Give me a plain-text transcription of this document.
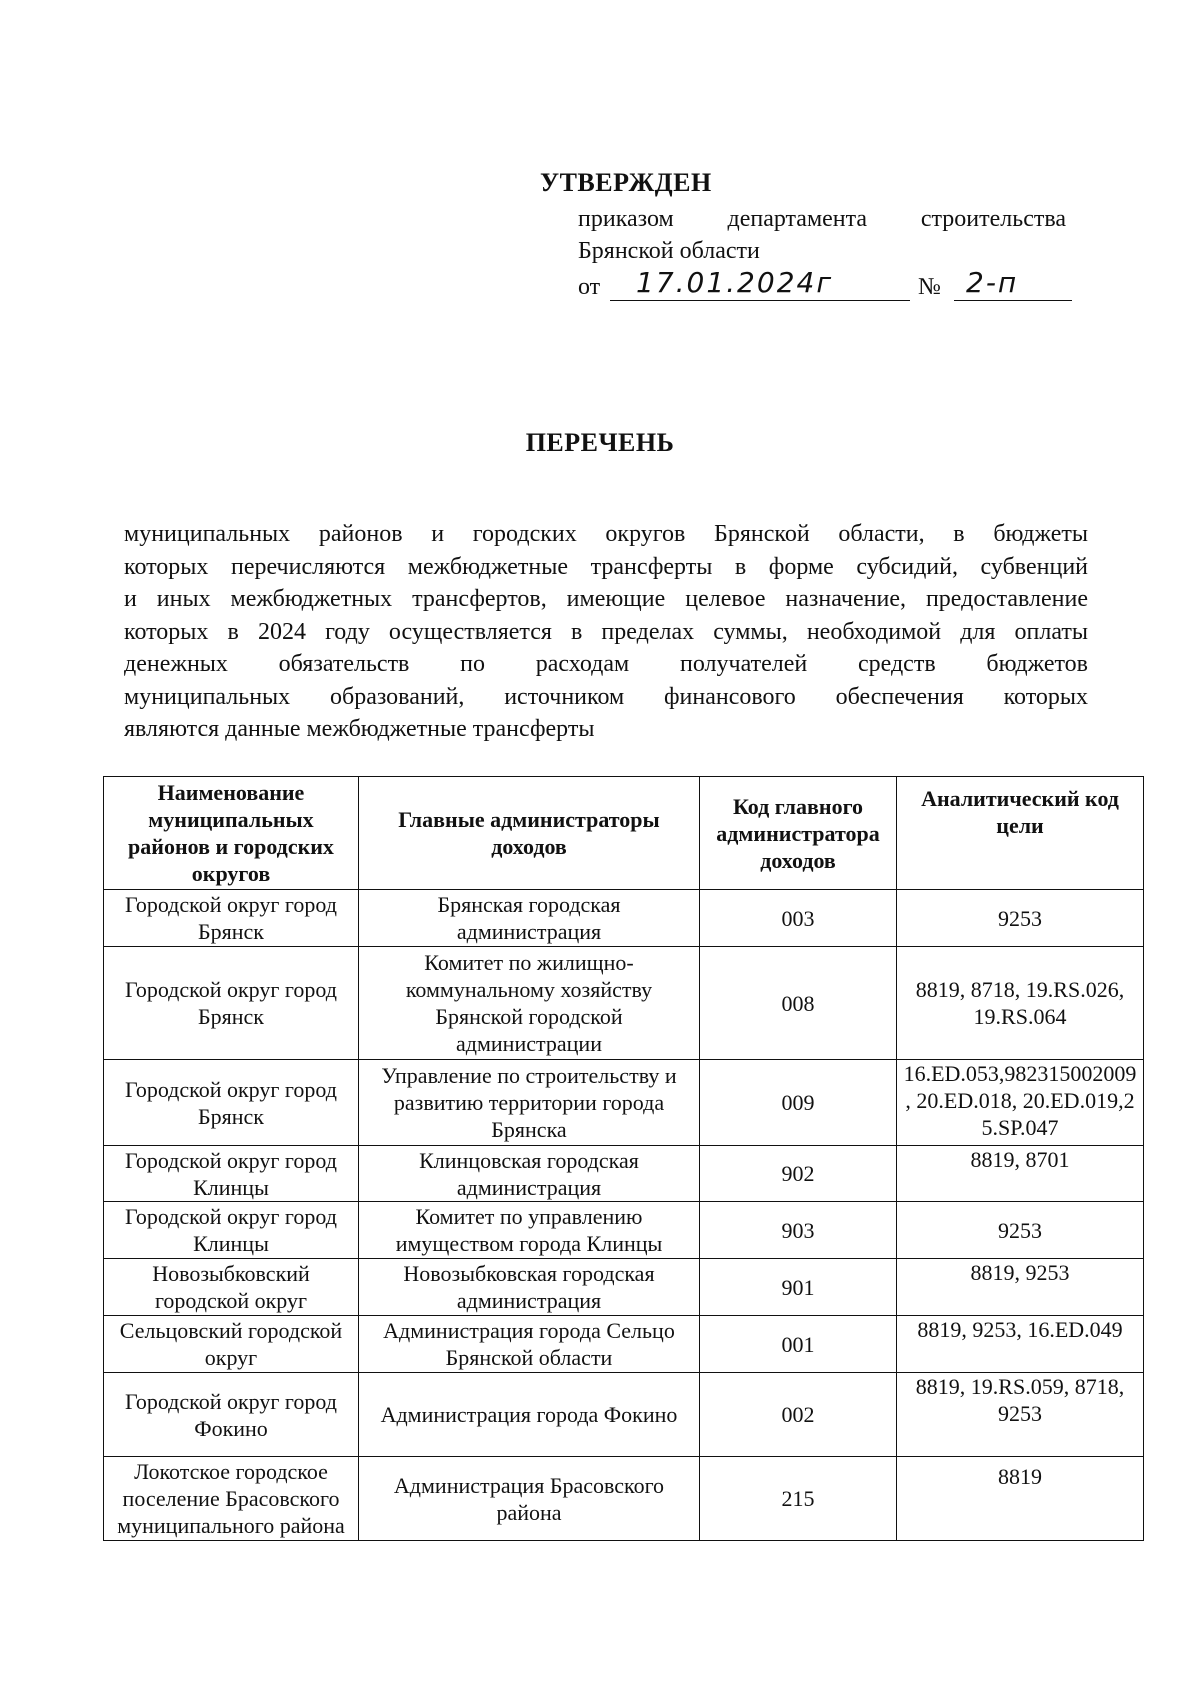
УТВЕРЖДЕН
приказом департамента строительства
Брянской области
от 17.01.2024г	№ 2-п
ПЕРЕЧЕНЬ
муниципальных районов и городских округов Брянской области, в бюджеты
которых перечисляются межбюджетные трансферты в форме субсидий, субвенций
и иных межбюджетных трансфертов, имеющие целевое назначение, предоставление
которых в 2024 году осуществляется в пределах суммы, необходимой для оплаты
денежных обязательств по расходам получателей средств бюджетов
муниципальных образований, источником финансового обеспечения которых
являются данные межбюджетные трансферты
Наименование муниципальных районов и городских округов	Главные администраторы доходов	Код главного администратора доходов	Аналитический код цели
Городской округ город Брянск	Брянская городская администрация	003	9253
Городской округ город Брянск	Комитет по жилищно-коммунальному хозяйству Брянской городской администрации	008	8819, 8718, 19.RS.026, 19.RS.064
Городской округ город Брянск	Управление по строительству и развитию территории города Брянска	009	16.ED.053,982315002009 , 20.ED.018, 20.ED.019,25.SP.047
Городской округ город Клинцы	Клинцовская городская администрация	902	8819, 8701
Городской округ город Клинцы	Комитет по управлению имуществом города Клинцы	903	9253
Новозыбковский городской округ	Новозыбковская городская администрация	901	8819, 9253
Сельцовский городской округ	Администрация города Сельцо Брянской области	001	8819, 9253, 16.ED.049
Городской округ город Фокино	Администрация города Фокино	002	8819, 19.RS.059, 8718, 9253
Локотское городское поселение Брасовского муниципального района	Администрация Брасовского района	215	8819
